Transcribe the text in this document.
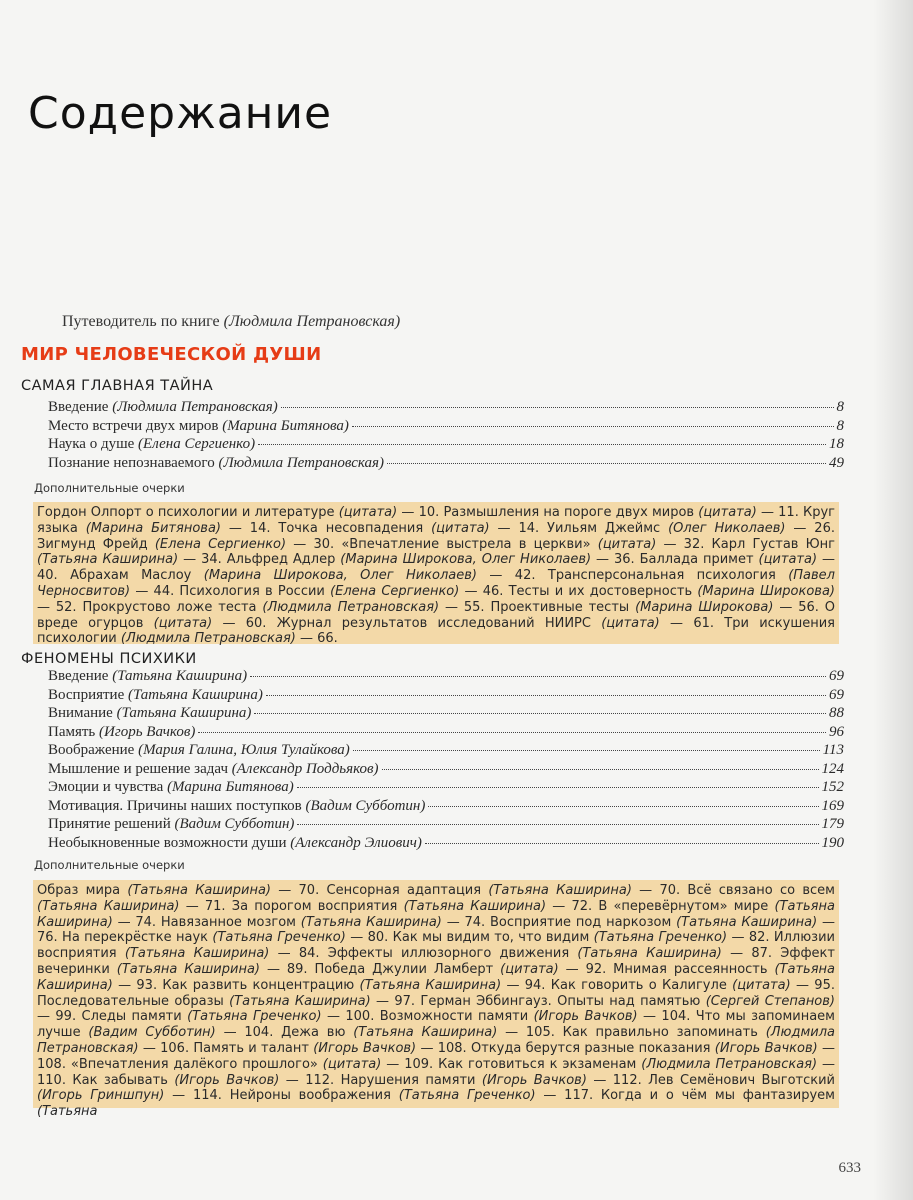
Содержание
Путеводитель по книге (Людмила Петрановская)
МИР ЧЕЛОВЕЧЕСКОЙ ДУШИ
САМАЯ ГЛАВНАЯ ТАЙНА
Введение (Людмила Петрановская)	8
Место встречи двух миров (Марина Битянова)	8
Наука о душе (Елена Сергиенко)	18
Познание непознаваемого (Людмила Петрановская)	49
Дополнительные очерки
Гордон Олпорт о психологии и литературе (цитата) — 10. Размышления на пороге двух миров (цитата) — 11. Круг языка (Марина Битянова) — 14. Точка несовпадения (цитата) — 14. Уильям Джеймс (Олег Николаев) — 26. Зигмунд Фрейд (Елена Сергиенко) — 30. «Впечатление выстрела в церкви» (цитата) — 32. Карл Густав Юнг (Татьяна Каширина) — 34. Альфред Адлер (Марина Широкова, Олег Николаев) — 36. Баллада примет (цитата) — 40. Абрахам Маслоу (Марина Широкова, Олег Николаев) — 42. Трансперсональная психология (Павел Черносвитов) — 44. Психология в России (Елена Сергиенко) — 46. Тесты и их достоверность (Марина Широкова) — 52. Прокрустово ложе теста (Людмила Петрановская) — 55. Проективные тесты (Марина Широкова) — 56. О вреде огурцов (цитата) — 60. Журнал результатов исследований НИИРС (цитата) — 61. Три искушения психологии (Людмила Петрановская) — 66.
ФЕНОМЕНЫ ПСИХИКИ
Введение (Татьяна Каширина)	69
Восприятие (Татьяна Каширина)	69
Внимание (Татьяна Каширина)	88
Память (Игорь Вачков)	96
Воображение (Мария Галина, Юлия Тулайкова)	113
Мышление и решение задач (Александр Поддьяков)	124
Эмоции и чувства (Марина Битянова)	152
Мотивация. Причины наших поступков (Вадим Субботин)	169
Принятие решений (Вадим Субботин)	179
Необыкновенные возможности души (Александр Элиович)	190
Дополнительные очерки
Образ мира (Татьяна Каширина) — 70. Сенсорная адаптация (Татьяна Каширина) — 70. Всё связано со всем (Татьяна Каширина) — 71. За порогом восприятия (Татьяна Каширина) — 72. В «перевёрнутом» мире (Татьяна Каширина) — 74. Навязанное мозгом (Татьяна Каширина) — 74. Восприятие под наркозом (Татьяна Каширина) — 76. На перекрёстке наук (Татьяна Греченко) — 80. Как мы видим то, что видим (Татьяна Греченко) — 82. Иллюзии восприятия (Татьяна Каширина) — 84. Эффекты иллюзорного движения (Татьяна Каширина) — 87. Эффект вечеринки (Татьяна Каширина) — 89. Победа Джулии Ламберт (цитата) — 92. Мнимая рассеянность (Татьяна Каширина) — 93. Как развить концентрацию (Татьяна Каширина) — 94. Как говорить о Калигуле (цитата) — 95. Последовательные образы (Татьяна Каширина) — 97. Герман Эббингауз. Опыты над памятью (Сергей Степанов) — 99. Следы памяти (Татьяна Греченко) — 100. Возможности памяти (Игорь Вачков) — 104. Что мы запоминаем лучше (Вадим Субботин) — 104. Дежа вю (Татьяна Каширина) — 105. Как правильно запоминать (Людмила Петрановская) — 106. Память и талант (Игорь Вачков) — 108. Откуда берутся разные показания (Игорь Вачков) — 108. «Впечатления далёкого прошлого» (цитата) — 109. Как готовиться к экзаменам (Людмила Петрановская) — 110. Как забывать (Игорь Вачков) — 112. Нарушения памяти (Игорь Вачков) — 112. Лев Семёнович Выготский (Игорь Гриншпун) — 114. Нейроны воображения (Татьяна Греченко) — 117. Когда и о чём мы фантазируем (Татьяна
633
